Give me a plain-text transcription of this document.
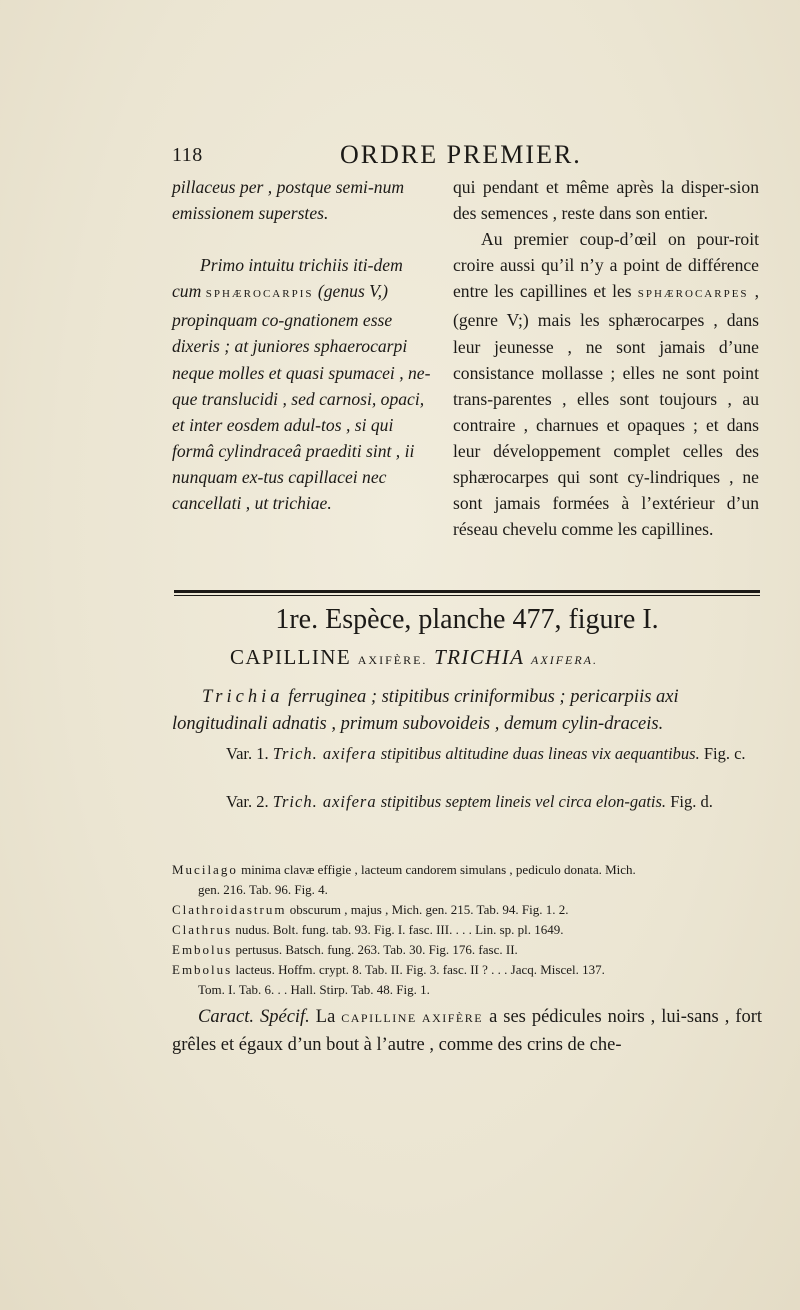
118	ORDRE PREMIER.

pillaceus per , postque semi-num emissionem superstes.

Primo intuitu trichiis iti-dem cum SPHÆROCARPIS (genus V,) propinquam co-gnationem esse dixeris ; at juniores sphaerocarpi neque molles et quasi spumacei , ne-que translucidi , sed carnosi, opaci, et inter eosdem adul-tos , si qui formâ cylindraceâ praediti sint , ii nunquam ex-tus capillacei nec cancellati , ut trichiae.

qui pendant et même après la disper-sion des semences , reste dans son entier.

Au premier coup-d’œil on pour-roit croire aussi qu’il n’y a point de différence entre les capillines et les SPHÆROCARPES , (genre V;) mais les sphærocarpes , dans leur jeunesse , ne sont jamais d’une consistance mollasse ; elles ne sont point trans-parentes , elles sont toujours , au contraire , charnues et opaques ; et dans leur développement complet celles des sphærocarpes qui sont cy-lindriques , ne sont jamais formées à l’extérieur d’un réseau chevelu comme les capillines.

1re. Espèce, planche 477, figure I.
CAPILLINE AXIFÈRE. TRICHIA AXIFERA.
Trichia ferruginea ; stipitibus criniformibus ; pericarpiis axi longitudinali adnatis , primum subovoideis , demum cylin-draceis.
Var. 1. Trich. axifera stipitibus altitudine duas lineas vix aequantibus. Fig. c.
Var. 2. Trich. axifera stipitibus septem lineis vel circa elon-gatis. Fig. d.
Mucilago minima clavæ effigie , lacteum candorem simulans , pediculo donata. Mich.
gen. 216. Tab. 96. Fig. 4.
Clathroidastrum obscurum , majus , Mich. gen. 215. Tab. 94. Fig. 1. 2.
Clathrus nudus. Bolt. fung. tab. 93. Fig. I. fasc. III. . . . Lin. sp. pl. 1649.
Embolus pertusus. Batsch. fung. 263. Tab. 30. Fig. 176. fasc. II.
Embolus lacteus. Hoffm. crypt. 8. Tab. II. Fig. 3. fasc. II ? . . . Jacq. Miscel. 137.
Tom. I. Tab. 6. . . Hall. Stirp. Tab. 48. Fig. 1.
Caract. Spécif. La CAPILLINE AXIFÈRE a ses pédicules noirs , lui-sans , fort grêles et égaux d’un bout à l’autre , comme des crins de che-
